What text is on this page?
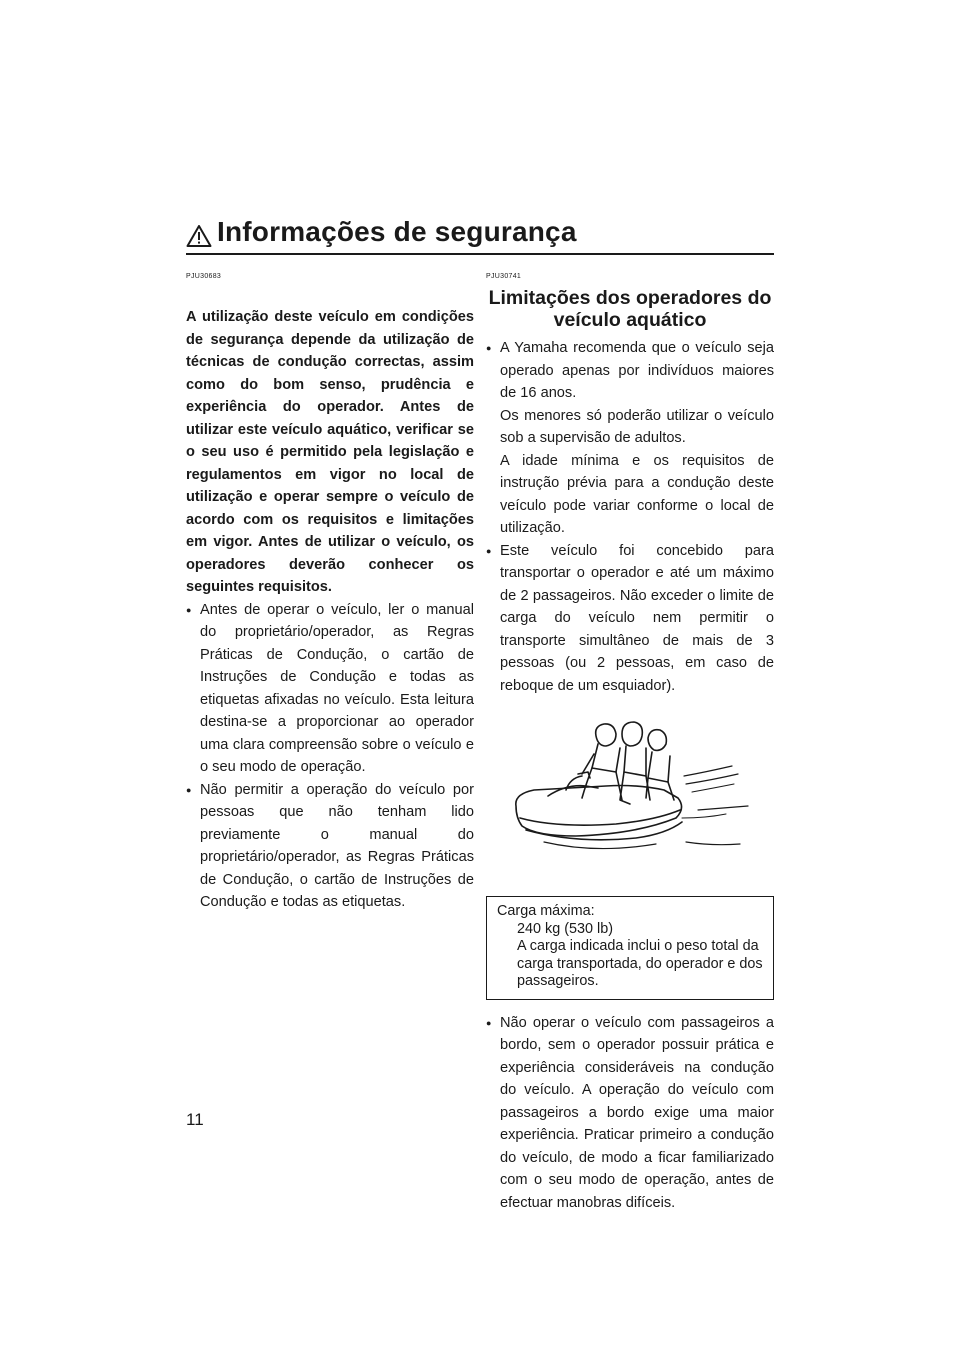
Informações de segurança
PJU30683
A utilização deste veículo em condições de segurança depende da utilização de técnicas de condução correctas, assim como do bom senso, prudência e experiência do operador. Antes de utilizar este veículo aquático, verificar se o seu uso é permitido pela legislação e regulamentos em vigor no local de utilização e operar sempre o veículo de acordo com os requisitos e limitações em vigor. Antes de utilizar o veículo, os operadores deverão conhecer os seguintes requisitos.

● Antes de operar o veículo, ler o manual do proprietário/operador, as Regras Práticas de Condução, o cartão de Instruções de Condução e todas as etiquetas afixadas no veículo. Esta leitura destina-se a proporcionar ao operador uma clara compreensão sobre o veículo e o seu modo de operação.

● Não permitir a operação do veículo por pessoas que não tenham lido previamente o manual do proprietário/operador, as Regras Práticas de Condução, o cartão de Instruções de Condução e todas as etiquetas.

PJU30741
Limitações dos operadores do veículo aquático

● A Yamaha recomenda que o veículo seja operado apenas por indivíduos maiores de 16 anos.

Os menores só poderão utilizar o veículo sob a supervisão de adultos.

A idade mínima e os requisitos de instrução prévia para a condução deste veículo pode variar conforme o local de utilização.

● Este veículo foi concebido para transportar o operador e até um máximo de 2 passageiros. Não exceder o limite de carga do veículo nem permitir o transporte simultâneo de mais de 3 pessoas (ou 2 pessoas, em caso de reboque de um esquiador).

Carga máxima:

240 kg (530 lb)

A carga indicada inclui o peso total da carga transportada, do operador e dos passageiros.

● Não operar o veículo com passageiros a bordo, sem o operador possuir prática e experiência consideráveis na condução do veículo. A operação do veículo com passageiros a bordo exige uma maior experiência. Praticar primeiro a condução do veículo, de modo a ficar familiarizado com o seu modo de operação, antes de efectuar manobras difíceis.

11
